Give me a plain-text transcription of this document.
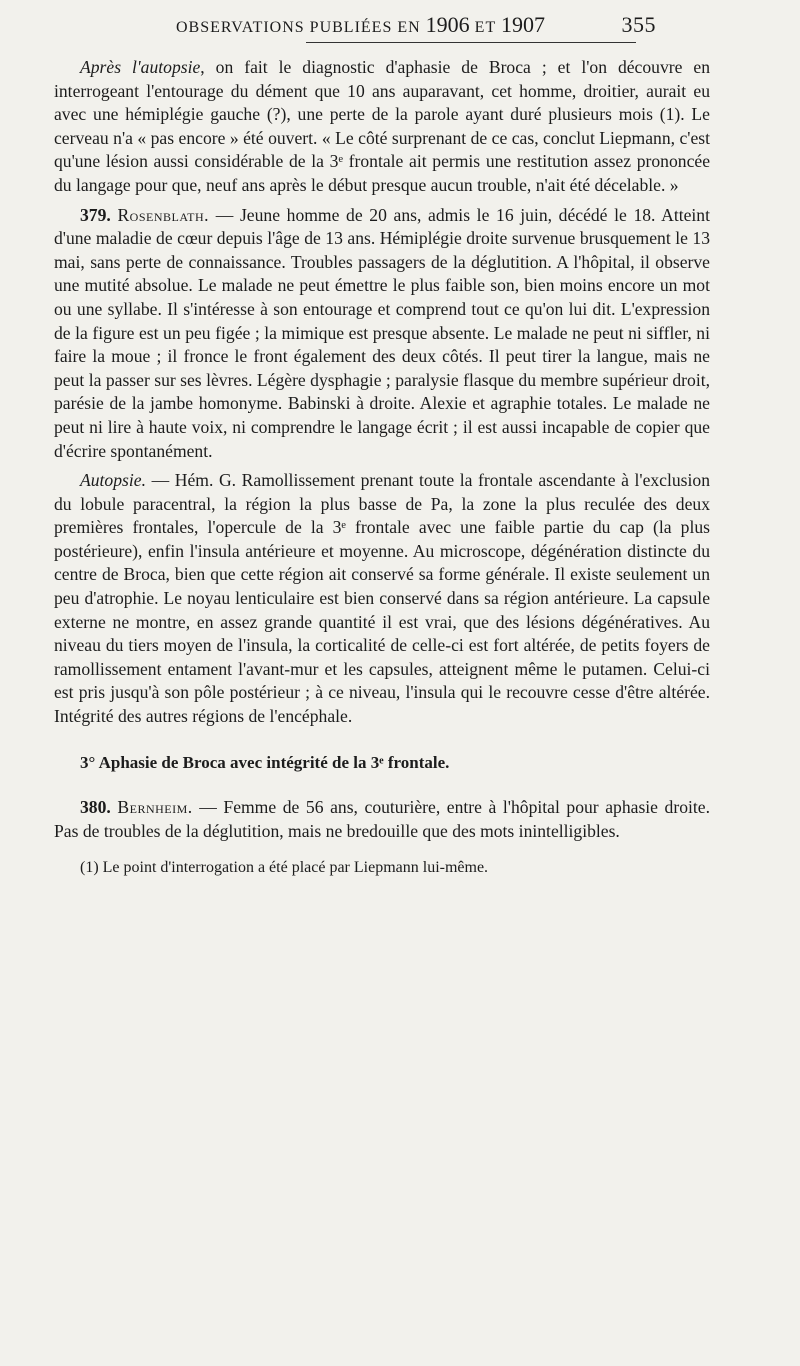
OBSERVATIONS PUBLIÉES EN 1906 ET 1907	355

Après l'autopsie, on fait le diagnostic d'aphasie de Broca ; et l'on découvre en interrogeant l'entourage du dément que 10 ans auparavant, cet homme, droitier, aurait eu avec une hémiplégie gauche (?), une perte de la parole ayant duré plusieurs mois (1). Le cerveau n'a « pas encore » été ouvert. « Le côté surprenant de ce cas, conclut Liepmann, c'est qu'une lésion aussi considérable de la 3ᵉ frontale ait permis une restitution assez prononcée du langage pour que, neuf ans après le début presque aucun trouble, n'ait été décelable. »

379. Rosenblath. — Jeune homme de 20 ans, admis le 16 juin, décédé le 18. Atteint d'une maladie de cœur depuis l'âge de 13 ans. Hémiplégie droite survenue brusquement le 13 mai, sans perte de connaissance. Troubles passagers de la déglutition. A l'hôpital, il observe une mutité absolue. Le malade ne peut émettre le plus faible son, bien moins encore un mot ou une syllabe. Il s'intéresse à son entourage et comprend tout ce qu'on lui dit. L'expression de la figure est un peu figée ; la mimique est presque absente. Le malade ne peut ni siffler, ni faire la moue ; il fronce le front également des deux côtés. Il peut tirer la langue, mais ne peut la passer sur ses lèvres. Légère dysphagie ; paralysie flasque du membre supérieur droit, parésie de la jambe homonyme. Babinski à droite. Alexie et agraphie totales. Le malade ne peut ni lire à haute voix, ni comprendre le langage écrit ; il est aussi incapable de copier que d'écrire spontanément.

Autopsie. — Hém. G. Ramollissement prenant toute la frontale ascendante à l'exclusion du lobule paracentral, la région la plus basse de Pa, la zone la plus reculée des deux premières frontales, l'opercule de la 3ᵉ frontale avec une faible partie du cap (la plus postérieure), enfin l'insula antérieure et moyenne. Au microscope, dégénération distincte du centre de Broca, bien que cette région ait conservé sa forme générale. Il existe seulement un peu d'atrophie. Le noyau lenticulaire est bien conservé dans sa région antérieure. La capsule externe ne montre, en assez grande quantité il est vrai, que des lésions dégénératives. Au niveau du tiers moyen de l'insula, la corticalité de celle-ci est fort altérée, de petits foyers de ramollissement entament l'avant-mur et les capsules, atteignent même le putamen. Celui-ci est pris jusqu'à son pôle postérieur ; à ce niveau, l'insula qui le recouvre cesse d'être altérée. Intégrité des autres régions de l'encéphale.

3° Aphasie de Broca avec intégrité de la 3ᵉ frontale.

380. Bernheim. — Femme de 56 ans, couturière, entre à l'hôpital pour aphasie droite. Pas de troubles de la déglutition, mais ne bredouille que des mots inintelligibles.

(1) Le point d'interrogation a été placé par Liepmann lui-même.
